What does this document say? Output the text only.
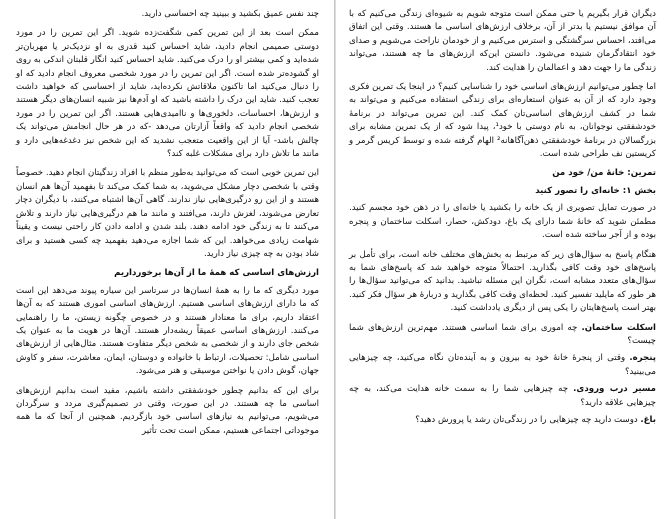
چند نفس عمیق بکشید و ببینید چه احساسی دارید.

ممکن است بعد از این تمرین کمی شگفت‌زده شوید. اگر این تمرین را در مورد دوستی صمیمی انجام دادید، شاید احساس کنید قدری به او نزدیک‌تر یا مهربان‌تر شده‌اید و کمی بیشتر او را درک می‌کنید. شاید احساس کنید انگار قلبتان اندکی به روی او گشوده‌تر شده است. اگر این تمرین را در مورد شخصی معروف انجام دادید که او را دنبال می‌کنید اما تاکنون ملاقاتش نکرده‌اید، شاید از احساسی که خواهید داشت تعجب کنید. شاید این درک را داشته باشید که او آدم‌ها نیز شبیه انسان‌های دیگر هستند و ارزش‌ها، احساسات، دلخوری‌ها و ناامیدی‌هایی هستند. اگر این تمرین را در مورد شخصی انجام دادید که واقعاً آزارتان می‌دهد -که در هر حال انجامش می‌تواند یک چالش باشد- آیا از این واقعیت متعجب نشدید که این شخص نیز دغدغه‌هایی دارد و مانند ما تلاش دارد برای مشکلات غلبه کند؟

این تمرین خوبی است که می‌توانید به‌طور منظم با افراد زندگیتان انجام دهید. خصوصاً وقتی با شخصی دچار مشکل می‌شوید، به شما کمک می‌کند تا بفهمید آن‌ها هم انسان هستند و از این رو درگیری‌هایی نیاز ندارند. گاهی آن‌ها اشتباه می‌کنند، با دیگران دچار تعارض می‌شوند، لغزش دارند، می‌افتند و مانند ما هم درگیری‌هایی نیاز دارند و تلاش می‌کنند تا به زندگی خود ادامه دهند. بلند شدن و ادامه دادن کار راحتی نیست و یقیناً شهامت زیادی می‌خواهد. این که شما اجازه می‌دهید بفهمید چه کسی هستید و برای شاد بودن به چه چیزی نیاز دارید.

ارزش‌های اساسی که همهٔ ما از آن‌ها برخورداریم

مورد دیگری که ما را به همهٔ انسان‌ها در سرتاسر این سیاره پیوند می‌دهد این است که ما دارای ارزش‌های اساسی هستیم. ارزش‌های اساسی اموری هستند که به آن‌ها اعتقاد داریم، برای ما معنادار هستند و در خصوص چگونه زیستن، ما را راهنمایی می‌کنند. ارزش‌های اساسی عمیقاً ریشه‌دار هستند. آن‌ها در هویت ما به عنوان یک شخص جای دارند و از شخصی به شخص دیگر متفاوت هستند. مثال‌هایی از ارزش‌های اساسی شامل: تحصیلات، ارتباط با خانواده و دوستان، ایمان، معاشرت، سفر و کاوش جهان، گوش دادن یا نواختن موسیقی و هنر می‌شود.

برای این که بدانیم چطور خودشفقتی داشته باشیم، مفید است بدانیم ارزش‌های اساسی ما چه هستند. در این صورت، وقتی در تصمیم‌گیری مردد و سرگردان می‌شویم، می‌توانیم به نیازهای اساسی خود بازگردیم. همچنین از آنجا که ما همه موجوداتی اجتماعی هستیم، ممکن است تحت تأثیر

دیگران قرار بگیریم یا حتی ممکن است متوجه شویم به شیوه‌ای زندگی می‌کنیم که با آن موافق نیستیم یا بدتر از آن، برخلاف ارزش‌های اساسی ما هستند. وقتی این اتفاق می‌افتد، احساس سرگشتگی و استرس می‌کنیم و از خودمان ناراحت می‌شویم و صدای خود انتقادگرمان شنیده می‌شود. دانستن این‌که ارزش‌های ما چه هستند، می‌تواند زندگی ما را جهت دهد و اعمالمان را هدایت کند.

اما چطور می‌توانیم ارزش‌های اساسی خود را شناسایی کنیم؟ در اینجا یک تمرین فکری وجود دارد که از آن به عنوان استعاره‌ای برای زندگی استفاده می‌کنیم و می‌تواند به شما در کشف ارزش‌های اساسی‌تان کمک کند. این تمرین می‌تواند در برنامهٔ خودشفقتی نوجوانان، به نام دوستی با خود¹، پیدا شود که از یک تمرین مشابه برای بزرگسالان در برنامهٔ خودشفقتی ذهن‌آگاهانه² الهام گرفته شده و توسط کریس گرمر و کریستین نف طراحی شده است.

تمرین: خانهٔ من/ خود من

بخش ۱: خانه‌ای را تصور کنید

در صورت تمایل تصویری از یک خانه را بکشید یا خانه‌ای را در ذهن خود مجسم کنید. مطمئن شوید که خانهٔ شما دارای یک باغ، دودکش، حصار، اسکلت ساختمان و پنجره بوده و از آجر ساخته شده است.

هنگام پاسخ به سؤال‌های زیر که مرتبط به بخش‌های مختلف خانه است، برای تأمل بر پاسخ‌های خود وقت کافی بگذارید. احتمالاً متوجه خواهید شد که پاسخ‌های شما به سؤال‌های متعدد مشابه است، نگران این مسئله نباشید. بدانید که می‌توانید سؤال‌ها را هر طور که مایلید تفسیر کنید. لحظه‌ای وقت کافی بگذارید و دربارهٔ هر سؤال فکر کنید. بهتر است پاسخ‌هایتان را یکی پس از دیگری یادداشت کنید.

اسکلت ساختمان. چه اموری برای شما اساسی هستند. مهم‌ترین ارزش‌های شما چیست؟

پنجره. وقتی از پنجرهٔ خانهٔ خود به بیرون و به آینده‌تان نگاه می‌کنید، چه چیزهایی می‌بینید؟

مسیر درب ورودی. چه چیزهایی شما را به سمت خانه هدایت می‌کند، به چه چیزهایی علاقه دارید؟

باغ. دوست دارید چه چیزهایی را در زندگی‌تان رشد یا پرورش دهید؟
